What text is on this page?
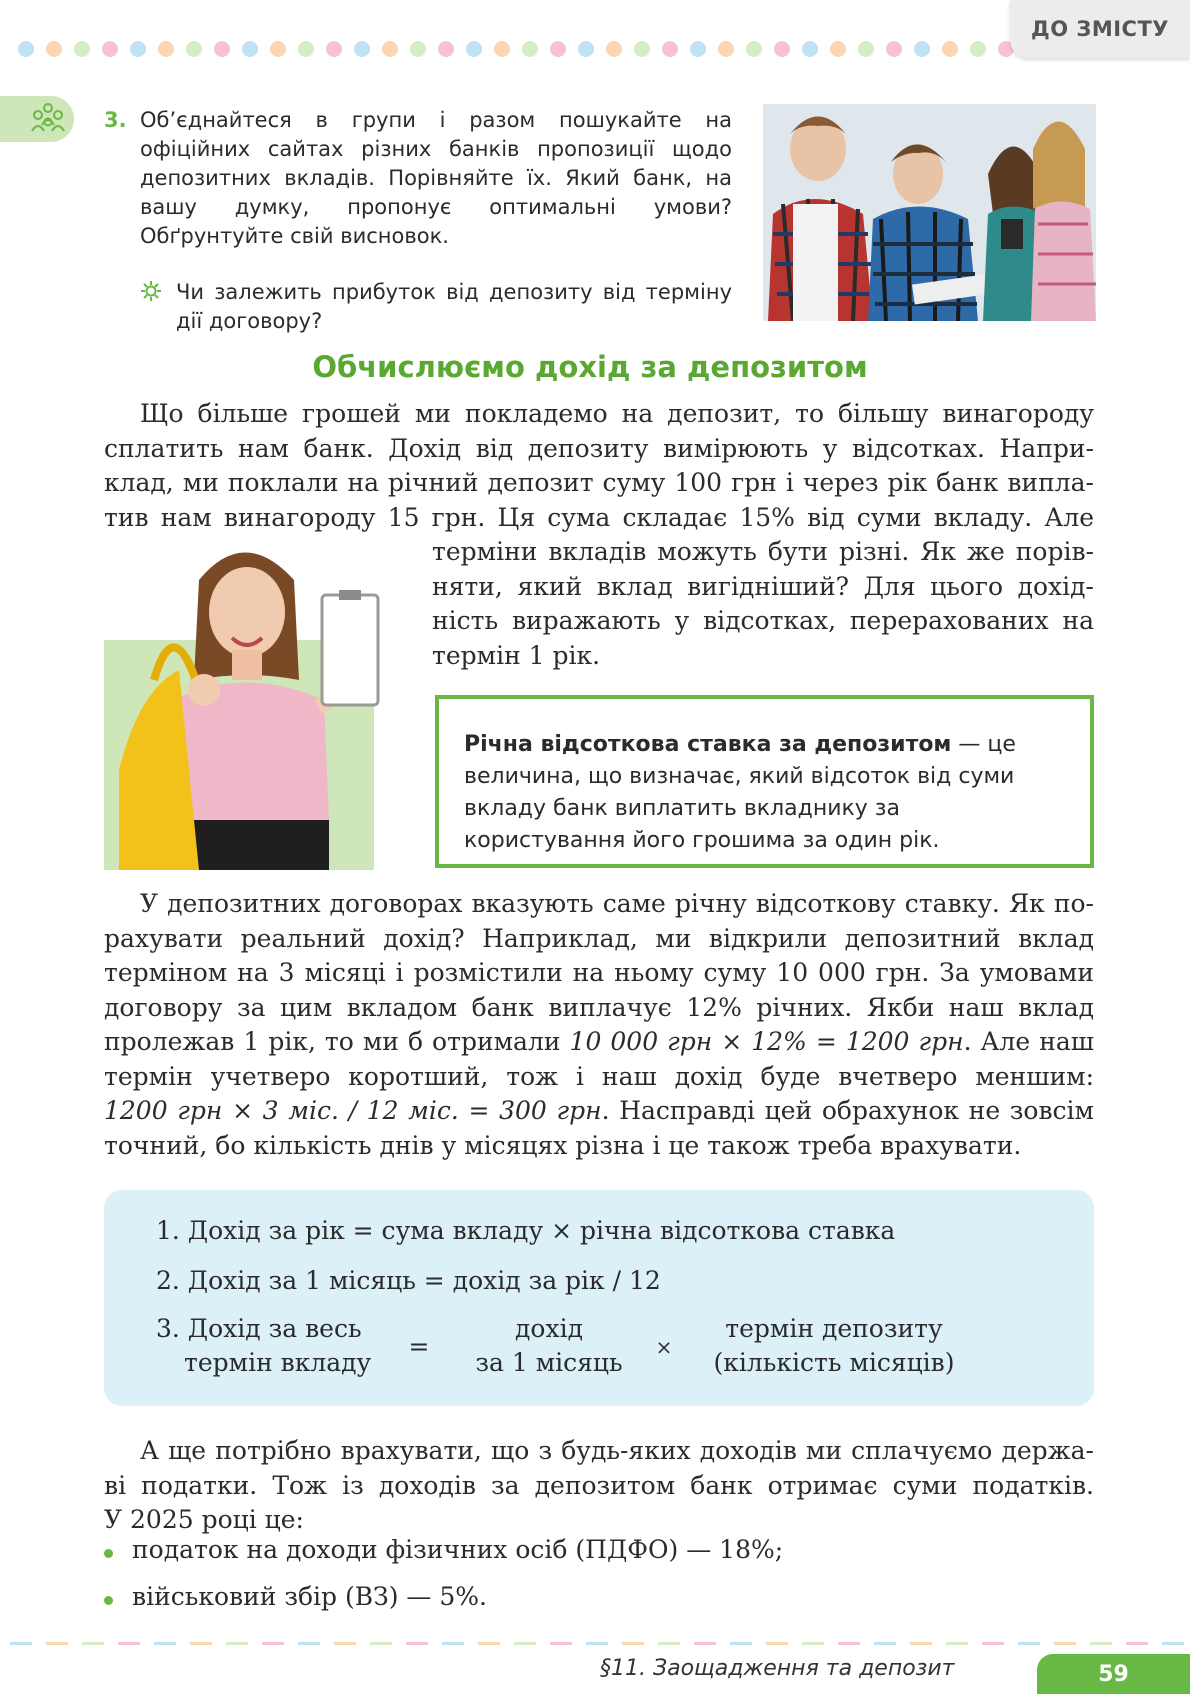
ДО ЗМІСТУ
3. Об’єднайтеся в групи і разом пошукайте на офіційних сайтах різних банків пропозиції щодо депозитних вкладів. Порівняйте їх. Який банк, на вашу думку, пропонує оптимальні умови? Обґрунтуйте свій висновок.
Чи залежить прибуток від депозиту від терміну дії договору?
Обчислюємо дохід за депозитом
Що більше грошей ми покладемо на депозит, то більшу винагороду
сплатить нам банк. Дохід від депозиту вимірюють у відсотках. Напри-
клад, ми поклали на річний депозит суму 100 грн і через рік банк випла-
тив нам винагороду 15 грн. Ця сума складає 15% від суми вкладу. Але
терміни вкладів можуть бути різні. Як же порів-
няти, який вклад вигідніший? Для цього дохід-
ність виражають у відсотках, перерахованих на
термін 1 рік.
Річна відсоткова ставка за депозитом — це величина, що визначає, який відсоток від суми вкладу банк виплатить вкладнику за користування його грошима за один рік.
У депозитних договорах вказують саме річну відсоткову ставку. Як по-
рахувати реальний дохід? Наприклад, ми відкрили депозитний вклад
терміном на 3 місяці і розмістили на ньому суму 10 000 грн. За умовами
договору за цим вкладом банк виплачує 12% річних. Якби наш вклад
пролежав 1 рік, то ми б отримали 10 000 грн × 12% = 1200 грн. Але наш
термін учетверо коротший, тож і наш дохід буде вчетверо меншим:
1200 грн × 3 міс. / 12 міс. = 300 грн. Насправді цей обрахунок не зовсім
точний, бо кількість днів у місяцях різна і це також треба врахувати.
1. Дохід за рік = сума вкладу × річна відсоткова ставка
2. Дохід за 1 місяць = дохід за рік / 12
3. Дохід за весь
термін вкладу
=
дохід
за 1 місяць
×
термін депозиту
(кількість місяців)
А ще потрібно врахувати, що з будь-яких доходів ми сплачуємо держа-
ві податки. Тож із доходів за депозитом банк отримає суми податків.
У 2025 році це:
податок на доходи фізичних осіб (ПДФО) — 18%;
військовий збір (ВЗ) — 5%.
§11. Заощадження та депозит	59
